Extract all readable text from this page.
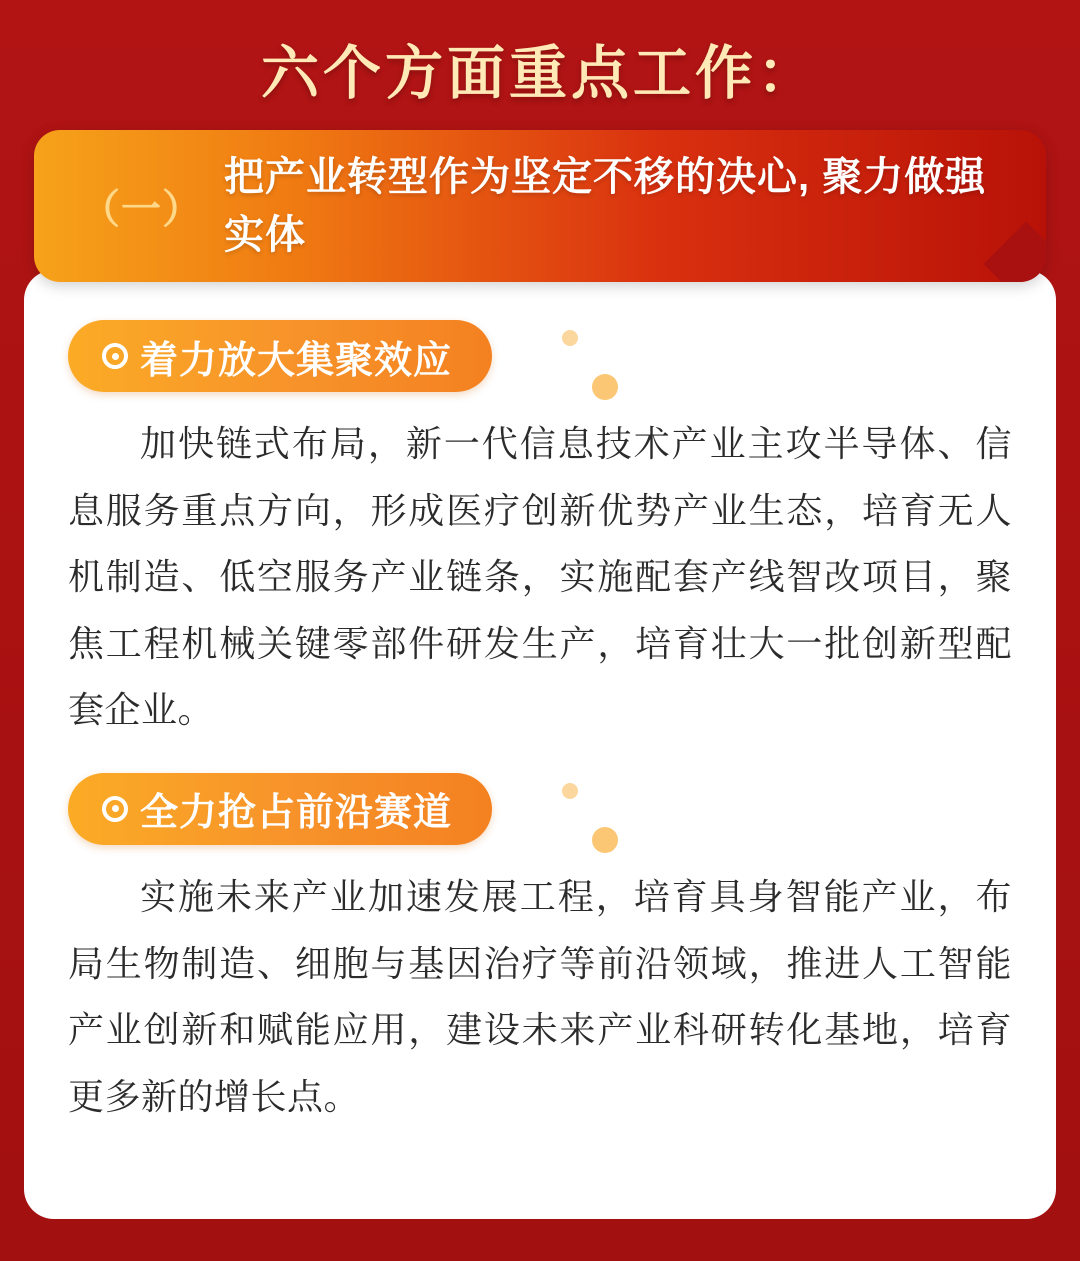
六个方面重点工作：
（一）
把产业转型作为坚定不移的决心, 聚力做强实体
着力放大集聚效应

加快链式布局，新一代信息技术产业主攻半导体、信息服务重点方向，形成医疗创新优势产业生态，培育无人机制造、低空服务产业链条，实施配套产线智改项目，聚焦工程机械关键零部件研发生产，培育壮大一批创新型配套企业。

全力抢占前沿赛道

实施未来产业加速发展工程，培育具身智能产业，布局生物制造、细胞与基因治疗等前沿领域，推进人工智能产业创新和赋能应用，建设未来产业科研转化基地，培育更多新的增长点。
